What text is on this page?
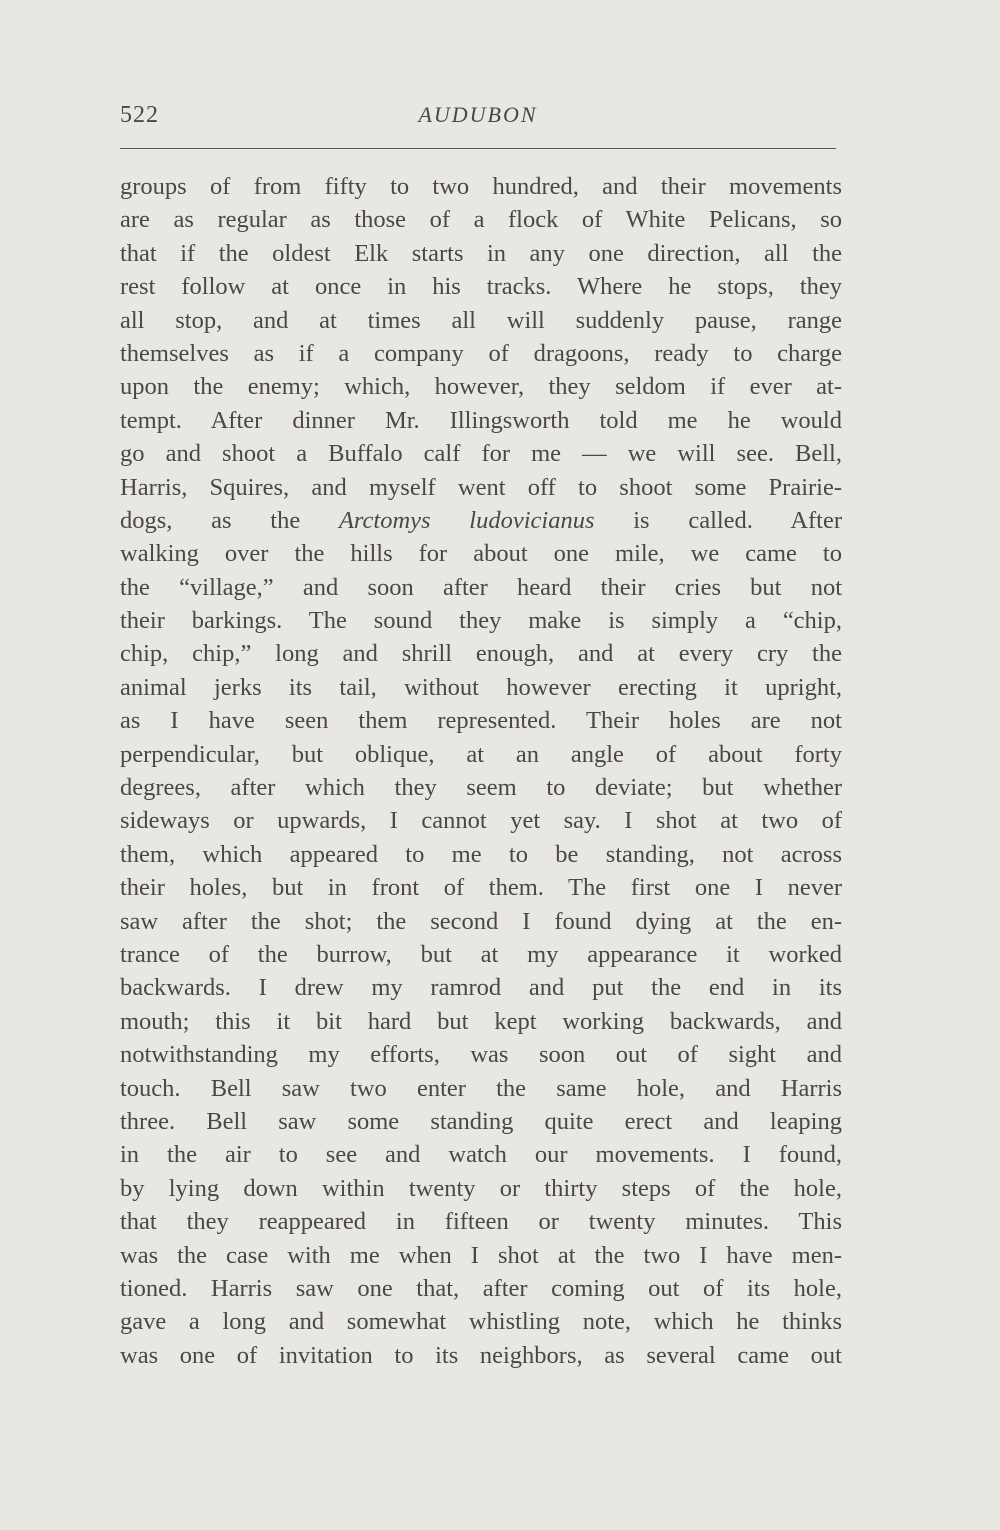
522	AUDUBON
groups of from fifty to two hundred, and their movements
are as regular as those of a flock of White Pelicans, so
that if the oldest Elk starts in any one direction, all the
rest follow at once in his tracks. Where he stops, they
all stop, and at times all will suddenly pause, range
themselves as if a company of dragoons, ready to charge
upon the enemy; which, however, they seldom if ever at-
tempt. After dinner Mr. Illingsworth told me he would
go and shoot a Buffalo calf for me — we will see. Bell,
Harris, Squires, and myself went off to shoot some Prairie-
dogs, as the Arctomys ludovicianus is called. After
walking over the hills for about one mile, we came to
the “village,” and soon after heard their cries but not
their barkings. The sound they make is simply a “chip,
chip, chip,” long and shrill enough, and at every cry the
animal jerks its tail, without however erecting it upright,
as I have seen them represented. Their holes are not
perpendicular, but oblique, at an angle of about forty
degrees, after which they seem to deviate; but whether
sideways or upwards, I cannot yet say. I shot at two of
them, which appeared to me to be standing, not across
their holes, but in front of them. The first one I never
saw after the shot; the second I found dying at the en-
trance of the burrow, but at my appearance it worked
backwards. I drew my ramrod and put the end in its
mouth; this it bit hard but kept working backwards, and
notwithstanding my efforts, was soon out of sight and
touch. Bell saw two enter the same hole, and Harris
three. Bell saw some standing quite erect and leaping
in the air to see and watch our movements. I found,
by lying down within twenty or thirty steps of the hole,
that they reappeared in fifteen or twenty minutes. This
was the case with me when I shot at the two I have men-
tioned. Harris saw one that, after coming out of its hole,
gave a long and somewhat whistling note, which he thinks
was one of invitation to its neighbors, as several came out
